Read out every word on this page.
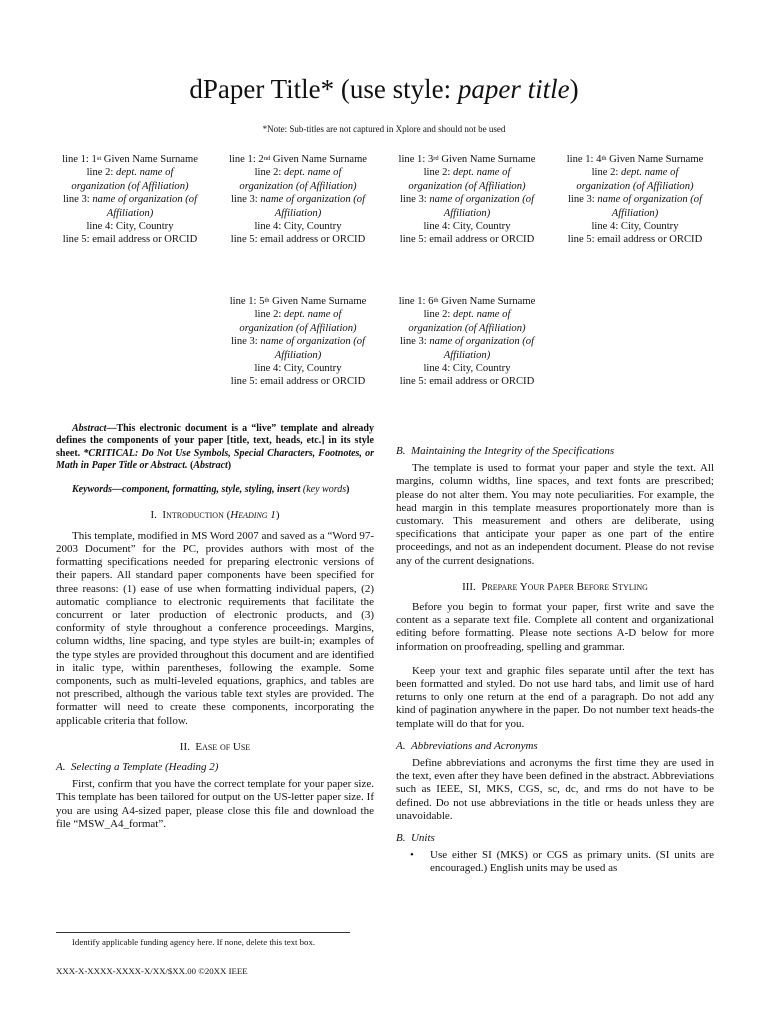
dPaper Title* (use style: paper title)
*Note: Sub-titles are not captured in Xplore and should not be used
line 1: 1st Given Name Surname
line 2: dept. name of
organization (of Affiliation)
line 3: name of organization (of
Affiliation)
line 4: City, Country
line 5: email address or ORCID
line 1: 2nd Given Name Surname
line 2: dept. name of
organization (of Affiliation)
line 3: name of organization (of
Affiliation)
line 4: City, Country
line 5: email address or ORCID
line 1: 3rd Given Name Surname
line 2: dept. name of
organization (of Affiliation)
line 3: name of organization (of
Affiliation)
line 4: City, Country
line 5: email address or ORCID
line 1: 4th Given Name Surname
line 2: dept. name of
organization (of Affiliation)
line 3: name of organization (of
Affiliation)
line 4: City, Country
line 5: email address or ORCID
line 1: 5th Given Name Surname
line 2: dept. name of
organization (of Affiliation)
line 3: name of organization (of
Affiliation)
line 4: City, Country
line 5: email address or ORCID
line 1: 6th Given Name Surname
line 2: dept. name of
organization (of Affiliation)
line 3: name of organization (of
Affiliation)
line 4: City, Country
line 5: email address or ORCID

Abstract—This electronic document is a “live” template and already defines the components of your paper [title, text, heads, etc.] in its style sheet. *CRITICAL: Do Not Use Symbols, Special Characters, Footnotes, or Math in Paper Title or Abstract. (Abstract)

Keywords—component, formatting, style, styling, insert (key words)

I. Introduction (Heading 1)

This template, modified in MS Word 2007 and saved as a “Word 97-2003 Document” for the PC, provides authors with most of the formatting specifications needed for preparing electronic versions of their papers. All standard paper components have been specified for three reasons: (1) ease of use when formatting individual papers, (2) automatic compliance to electronic requirements that facilitate the concurrent or later production of electronic products, and (3) conformity of style throughout a conference proceedings. Margins, column widths, line spacing, and type styles are built-in; examples of the type styles are provided throughout this document and are identified in italic type, within parentheses, following the example. Some components, such as multi-leveled equations, graphics, and tables are not prescribed, although the various table text styles are provided. The formatter will need to create these components, incorporating the applicable criteria that follow.

II. Ease of Use
A. Selecting a Template (Heading 2)

First, confirm that you have the correct template for your paper size. This template has been tailored for output on the US-letter paper size. If you are using A4-sized paper, please close this file and download the file “MSW_A4_format”.

B. Maintaining the Integrity of the Specifications

The template is used to format your paper and style the text. All margins, column widths, line spaces, and text fonts are prescribed; please do not alter them. You may note peculiarities. For example, the head margin in this template measures proportionately more than is customary. This measurement and others are deliberate, using specifications that anticipate your paper as one part of the entire proceedings, and not as an independent document. Please do not revise any of the current designations.

III. Prepare Your Paper Before Styling

Before you begin to format your paper, first write and save the content as a separate text file. Complete all content and organizational editing before formatting. Please note sections A-D below for more information on proofreading, spelling and grammar.

Keep your text and graphic files separate until after the text has been formatted and styled. Do not use hard tabs, and limit use of hard returns to only one return at the end of a paragraph. Do not add any kind of pagination anywhere in the paper. Do not number text heads-the template will do that for you.

A. Abbreviations and Acronyms

Define abbreviations and acronyms the first time they are used in the text, even after they have been defined in the abstract. Abbreviations such as IEEE, SI, MKS, CGS, sc, dc, and rms do not have to be defined. Do not use abbreviations in the title or heads unless they are unavoidable.

B. Units

• Use either SI (MKS) or CGS as primary units. (SI units are encouraged.) English units may be used as

Identify applicable funding agency here. If none, delete this text box.
XXX-X-XXXX-XXXX-X/XX/$XX.00 ©20XX IEEE
